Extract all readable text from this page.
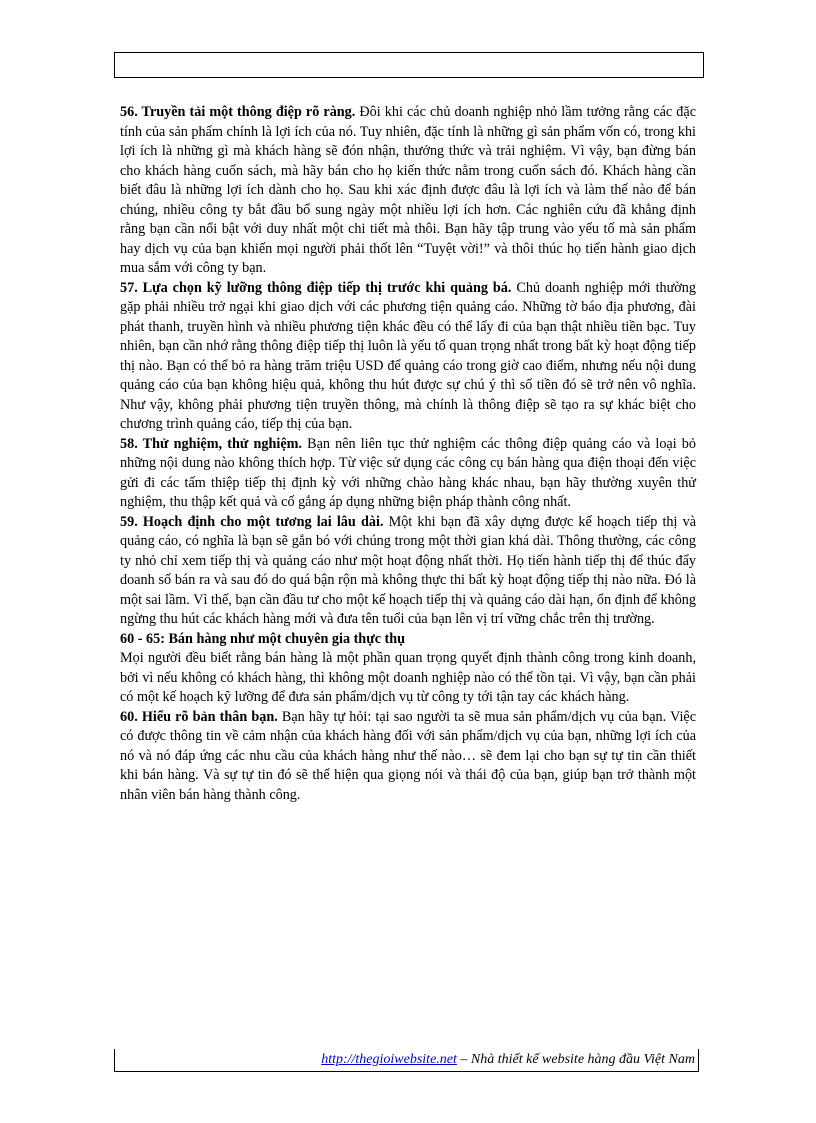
56. Truyền tải một thông điệp rõ ràng. Đôi khi các chủ doanh nghiệp nhỏ lầm tưởng rằng các đặc tính của sản phẩm chính là lợi ích của nó. Tuy nhiên, đặc tính là những gì sản phẩm vốn có, trong khi lợi ích là những gì mà khách hàng sẽ đón nhận, thưởng thức và trải nghiệm. Vì vậy, bạn đừng bán cho khách hàng cuốn sách, mà hãy bán cho họ kiến thức nằm trong cuốn sách đó. Khách hàng cần biết đâu là những lợi ích dành cho họ. Sau khi xác định được đâu là lợi ích và làm thế nào để bán chúng, nhiều công ty bắt đầu bổ sung ngày một nhiều lợi ích hơn. Các nghiên cứu đã khẳng định rằng bạn cần nổi bật với duy nhất một chi tiết mà thôi. Bạn hãy tập trung vào yếu tố mà sản phẩm hay dịch vụ của bạn khiến mọi người phải thốt lên “Tuyệt vời!” và thôi thúc họ tiến hành giao dịch mua sắm với công ty bạn.

57. Lựa chọn kỹ lưỡng thông điệp tiếp thị trước khi quảng bá. Chủ doanh nghiệp mới thường gặp phải nhiều trở ngại khi giao dịch với các phương tiện quảng cáo. Những tờ báo địa phương, đài phát thanh, truyền hình và nhiều phương tiện khác đều có thể lấy đi của bạn thật nhiều tiền bạc. Tuy nhiên, bạn cần nhớ rằng thông điệp tiếp thị luôn là yếu tố quan trọng nhất trong bất kỳ hoạt động tiếp thị nào. Bạn có thể bỏ ra hàng trăm triệu USD để quảng cáo trong giờ cao điểm, nhưng nếu nội dung quảng cáo của bạn không hiệu quả, không thu hút được sự chú ý thì số tiền đó sẽ trở nên vô nghĩa. Như vậy, không phải phương tiện truyền thông, mà chính là thông điệp sẽ tạo ra sự khác biệt cho chương trình quảng cáo, tiếp thị của bạn.

58. Thử nghiệm, thử nghiệm. Bạn nên liên tục thử nghiệm các thông điệp quảng cáo và loại bỏ những nội dung nào không thích hợp. Từ việc sử dụng các công cụ bán hàng qua điện thoại đến việc gửi đi các tấm thiệp tiếp thị định kỳ với những chào hàng khác nhau, bạn hãy thường xuyên thử nghiệm, thu thập kết quả và cố gắng áp dụng những biện pháp thành công nhất.

59. Hoạch định cho một tương lai lâu dài. Một khi bạn đã xây dựng được kế hoạch tiếp thị và quảng cáo, có nghĩa là bạn sẽ gắn bó với chúng trong một thời gian khá dài. Thông thường, các công ty nhỏ chỉ xem tiếp thị và quảng cáo như một hoạt động nhất thời. Họ tiến hành tiếp thị để thúc đẩy doanh số bán ra và sau đó do quá bận rộn mà không thực thi bất kỳ hoạt động tiếp thị nào nữa. Đó là một sai lầm. Vì thế, bạn cần đầu tư cho một kế hoạch tiếp thị và quảng cáo dài hạn, ổn định để không ngừng thu hút các khách hàng mới và đưa tên tuổi của bạn lên vị trí vững chắc trên thị trường.

60 - 65: Bán hàng như một chuyên gia thực thụ

Mọi người đều biết rằng bán hàng là một phần quan trọng quyết định thành công trong kinh doanh, bởi vì nếu không có khách hàng, thì không một doanh nghiệp nào có thể tồn tại. Vì vậy, bạn cần phải có một kế hoạch kỹ lưỡng để đưa sản phẩm/dịch vụ từ công ty tới tận tay các khách hàng.

60. Hiểu rõ bản thân bạn. Bạn hãy tự hỏi: tại sao người ta sẽ mua sản phẩm/dịch vụ của bạn. Việc có được thông tin về cảm nhận của khách hàng đối với sản phẩm/dịch vụ của bạn, những lợi ích của nó và nó đáp ứng các nhu cầu của khách hàng như thế nào… sẽ đem lại cho bạn sự tự tin cần thiết khi bán hàng. Và sự tự tin đó sẽ thể hiện qua giọng nói và thái độ của bạn, giúp bạn trở thành một nhân viên bán hàng thành công.

http://thegioiwebsite.net – Nhà thiết kế website hàng đầu Việt Nam
